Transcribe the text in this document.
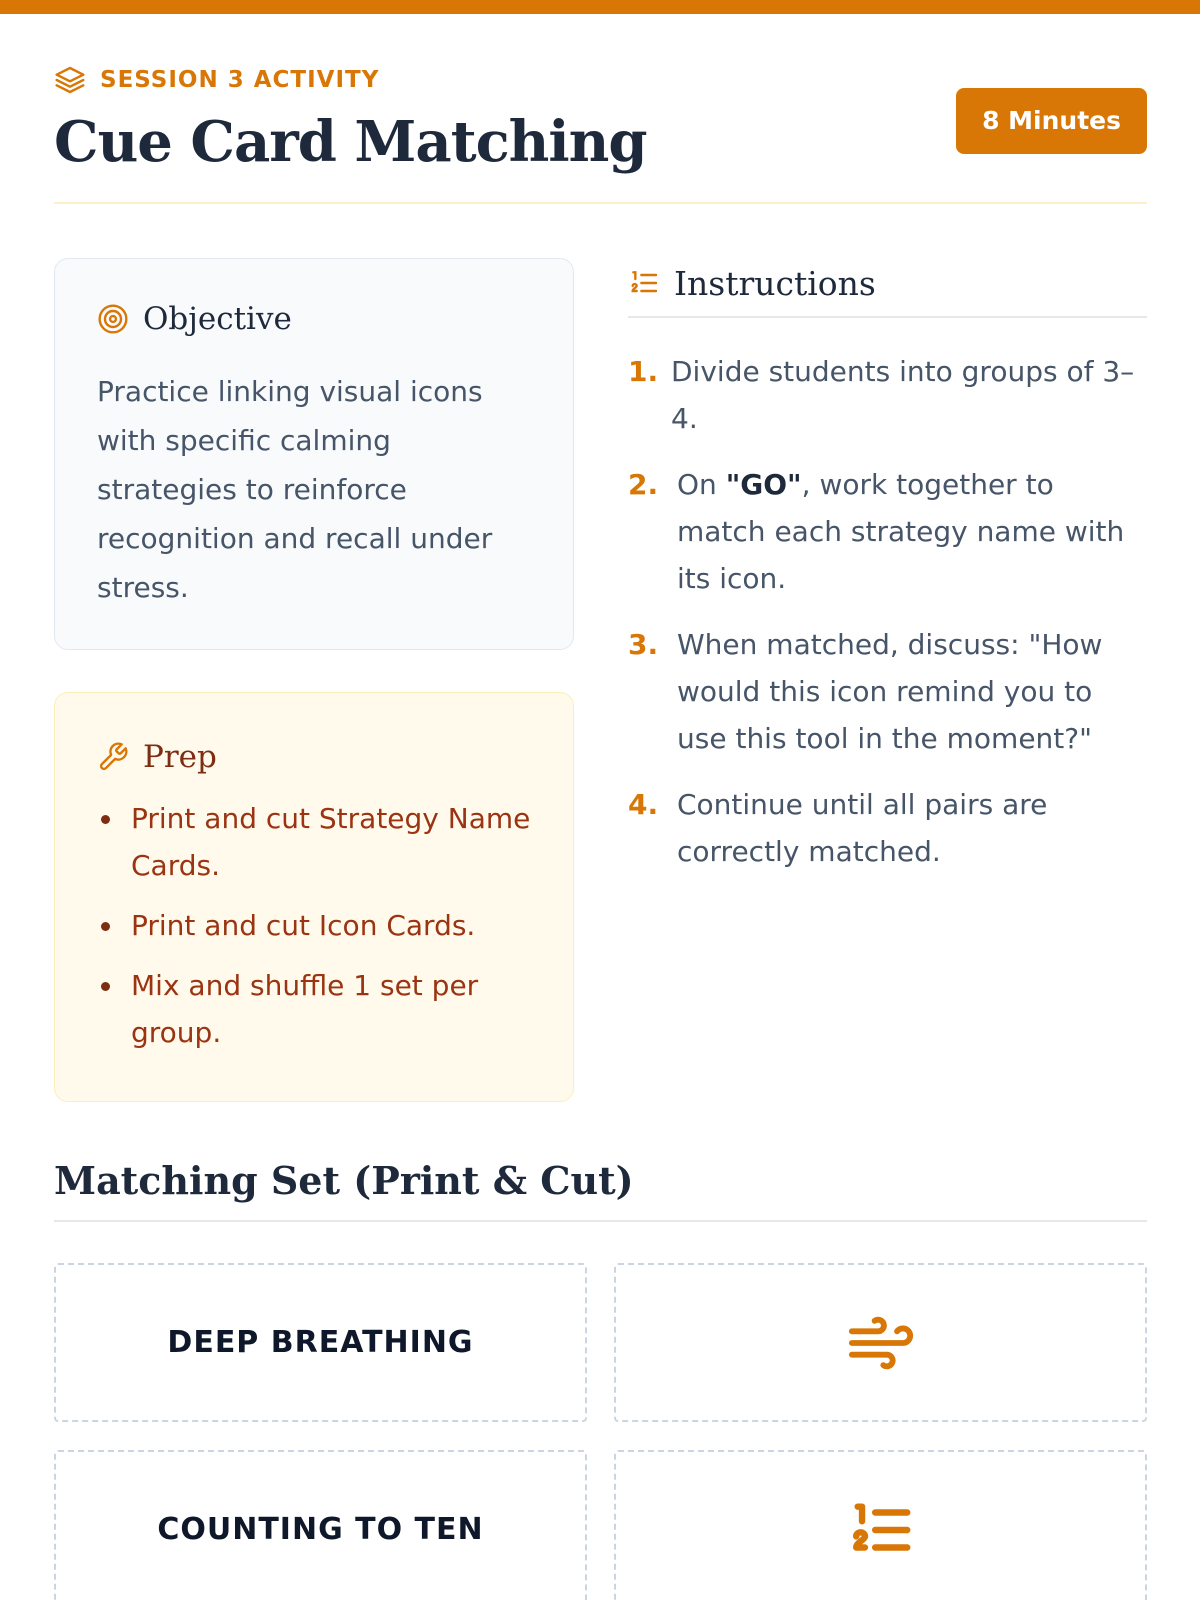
SESSION 3 ACTIVITY
Cue Card Matching	8 Minutes
Objective

Practice linking visual icons with specific calming strategies to reinforce recognition and recall under stress.

Prep
Print and cut Strategy Name Cards.
Print and cut Icon Cards.
Mix and shuffle 1 set per group.
Instructions
1. Divide students into groups of 3–4.
2. On "GO", work together to match each strategy name with its icon.
3. When matched, discuss: "How would this icon remind you to use this tool in the moment?"
4. Continue until all pairs are correctly matched.
Matching Set (Print & Cut)
DEEP BREATHING
COUNTING TO TEN
